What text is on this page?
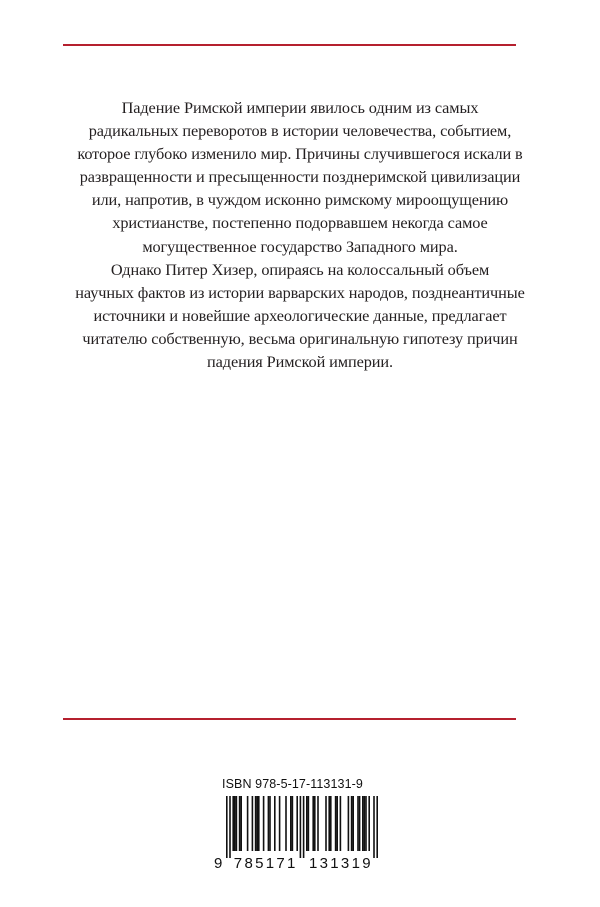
Падение Римской империи явилось одним из самых
радикальных переворотов в истории человечества, событием,
которое глубоко изменило мир. Причины случившегося искали в
развращенности и пресыщенности позднеримской цивилизации
или, напротив, в чуждом исконно римскому мироощущению
христианстве, постепенно подорвавшем некогда самое
могущественное государство Западного мира.
Однако Питер Хизер, опираясь на колоссальный объем
научных фактов из истории варварских народов, позднеантичные
источники и новейшие археологические данные, предлагает
читателю собственную, весьма оригинальную гипотезу причин
падения Римской империи.
ISBN 978-5-17-113131-9
9 785171 131319
